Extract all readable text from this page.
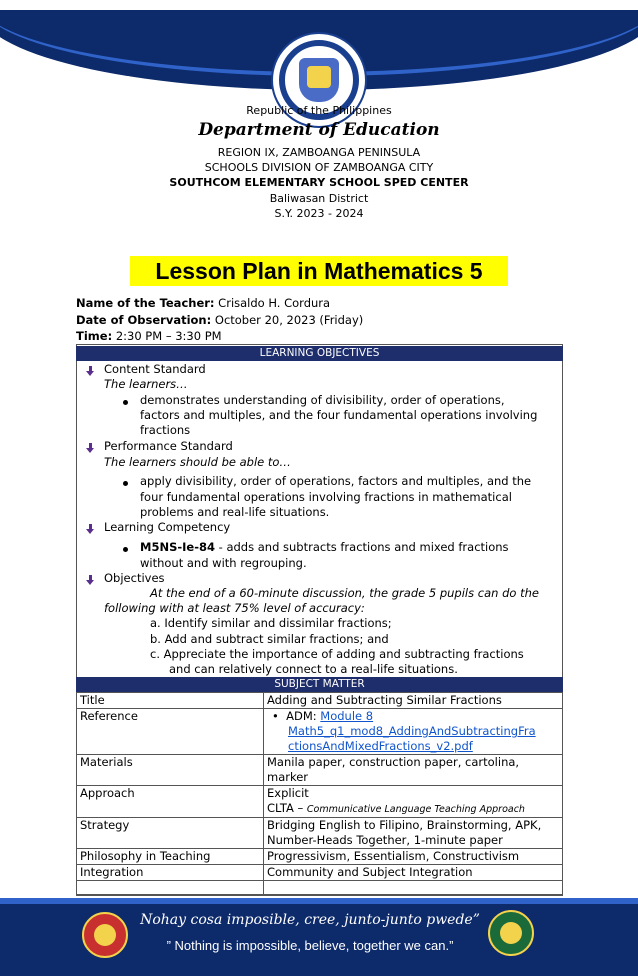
Republic of the Philippines
Department of Education
REGION IX, ZAMBOANGA PENINSULA
SCHOOLS DIVISION OF ZAMBOANGA CITY
SOUTHCOM ELEMENTARY SCHOOL SPED CENTER
Baliwasan District
S.Y. 2023 - 2024
Lesson Plan in Mathematics 5
Name of the Teacher: Crisaldo H. Cordura
Date of Observation: October 20, 2023 (Friday)
Time: 2:30 PM – 3:30 PM
LEARNING OBJECTIVES
Content Standard
The learners…
demonstrates understanding of divisibility, order of operations,
factors and multiples, and the four fundamental operations involving
fractions
Performance Standard
The learners should be able to…
apply divisibility, order of operations, factors and multiples, and the
four fundamental operations involving fractions in mathematical
problems and real-life situations.
Learning Competency
M5NS-Ie-84 - adds and subtracts fractions and mixed fractions
without and with regrouping.
Objectives
At the end of a 60-minute discussion, the grade 5 pupils can do the
following with at least 75% level of accuracy:
a. Identify similar and dissimilar fractions;
b. Add and subtract similar fractions; and
c. Appreciate the importance of adding and subtracting fractions
and can relatively connect to a real-life situations.
SUBJECT MATTER
Title	Adding and Subtracting Similar Fractions
Reference	•  ADM: Module 8
Math5_q1_mod8_AddingAndSubtractingFra
ctionsAndMixedFractions_v2.pdf
Materials	Manila paper, construction paper, cartolina,
marker
Approach	Explicit
CLTA – Communicative Language Teaching Approach
Strategy	Bridging English to Filipino, Brainstorming, APK,
Number-Heads Together, 1-minute paper
Philosophy in Teaching	Progressivism, Essentialism, Constructivism
Integration	Community and Subject Integration

Nohay cosa imposible, cree, junto-junto pwede”
” Nothing is impossible, believe, together we can.”
